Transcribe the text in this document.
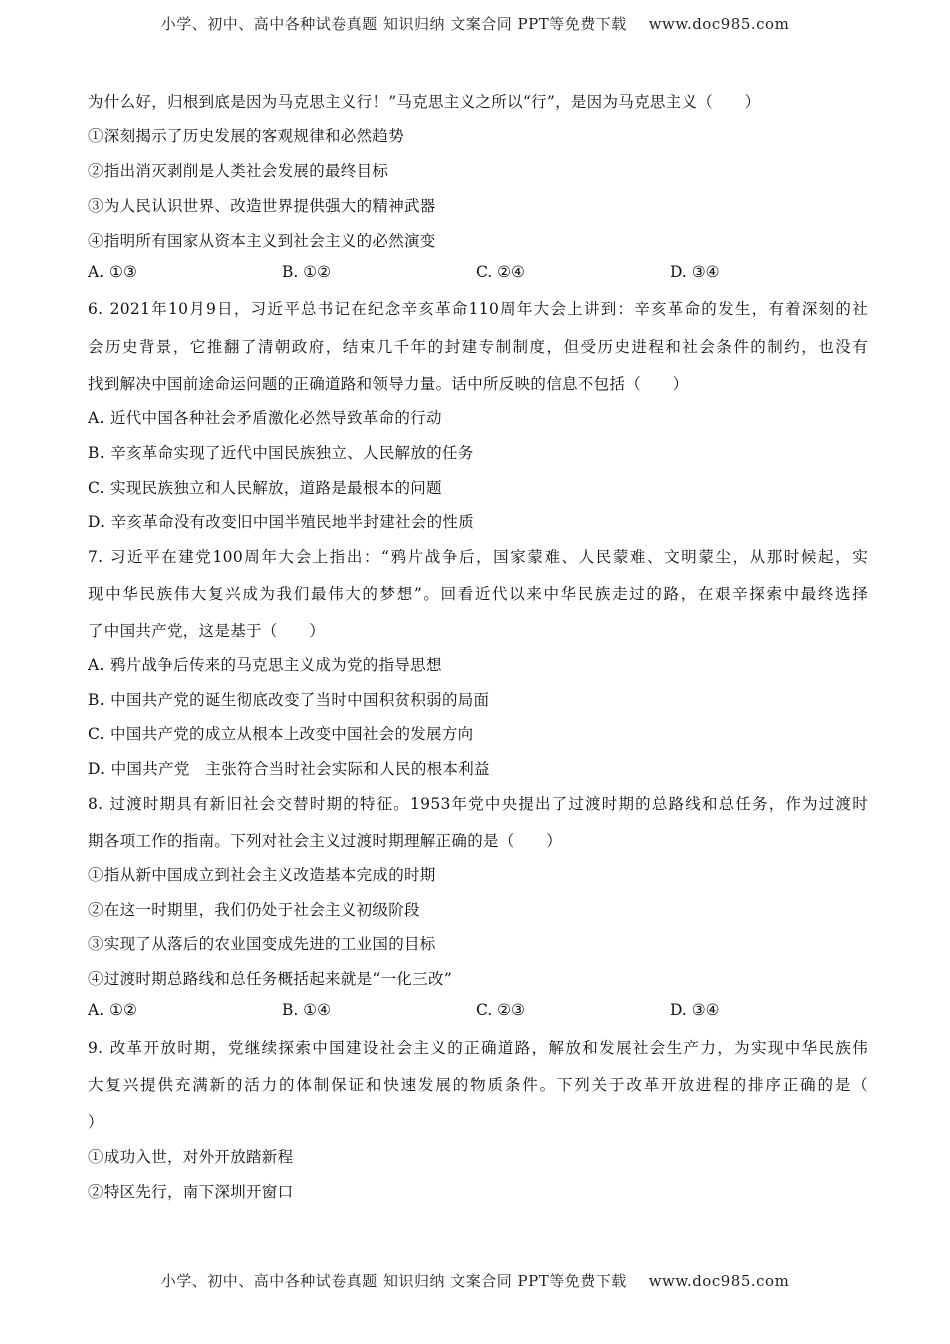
小学、初中、高中各种试卷真题 知识归纳 文案合同 PPT等免费下载 www.doc985.com
为什么好，归根到底是因为马克思主义行！”马克思主义之所以“行”，是因为马克思主义（　　）
①深刻揭示了历史发展的客观规律和必然趋势
②指出消灭剥削是人类社会发展的最终目标
③为人民认识世界、改造世界提供强大的精神武器
④指明所有国家从资本主义到社会主义的必然演变
A. ①③	B. ①②	C. ②④	D. ③④
6. 2021年10月9日，习近平总书记在纪念辛亥革命110周年大会上讲到：辛亥革命的发生，有着深刻的社
会历史背景，它推翻了清朝政府，结束几千年的封建专制制度，但受历史进程和社会条件的制约，也没有
找到解决中国前途命运问题的正确道路和领导力量。话中所反映的信息不包括（　　）
A. 近代中国各种社会矛盾激化必然导致革命的行动
B. 辛亥革命实现了近代中国民族独立、人民解放的任务
C. 实现民族独立和人民解放，道路是最根本的问题
D. 辛亥革命没有改变旧中国半殖民地半封建社会的性质
7. 习近平在建党100周年大会上指出：“鸦片战争后，国家蒙难、人民蒙难、文明蒙尘，从那时候起，实
现中华民族伟大复兴成为我们最伟大的梦想”。回看近代以来中华民族走过的路，在艰辛探索中最终选择
了中国共产党，这是基于（　　）
A. 鸦片战争后传来的马克思主义成为党的指导思想
B. 中国共产党的诞生彻底改变了当时中国积贫积弱的局面
C. 中国共产党的成立从根本上改变中国社会的发展方向
D. 中国共产党　主张符合当时社会实际和人民的根本利益
8. 过渡时期具有新旧社会交替时期的特征。1953年党中央提出了过渡时期的总路线和总任务，作为过渡时
期各项工作的指南。下列对社会主义过渡时期理解正确的是（　　）
①指从新中国成立到社会主义改造基本完成的时期
②在这一时期里，我们仍处于社会主义初级阶段
③实现了从落后的农业国变成先进的工业国的目标
④过渡时期总路线和总任务概括起来就是“一化三改”
A. ①②	B. ①④	C. ②③	D. ③④
9. 改革开放时期，党继续探索中国建设社会主义的正确道路，解放和发展社会生产力，为实现中华民族伟
大复兴提供充满新的活力的体制保证和快速发展的物质条件。下列关于改革开放进程的排序正确的是（
）
①成功入世，对外开放踏新程
②特区先行，南下深圳开窗口
小学、初中、高中各种试卷真题 知识归纳 文案合同 PPT等免费下载 www.doc985.com
